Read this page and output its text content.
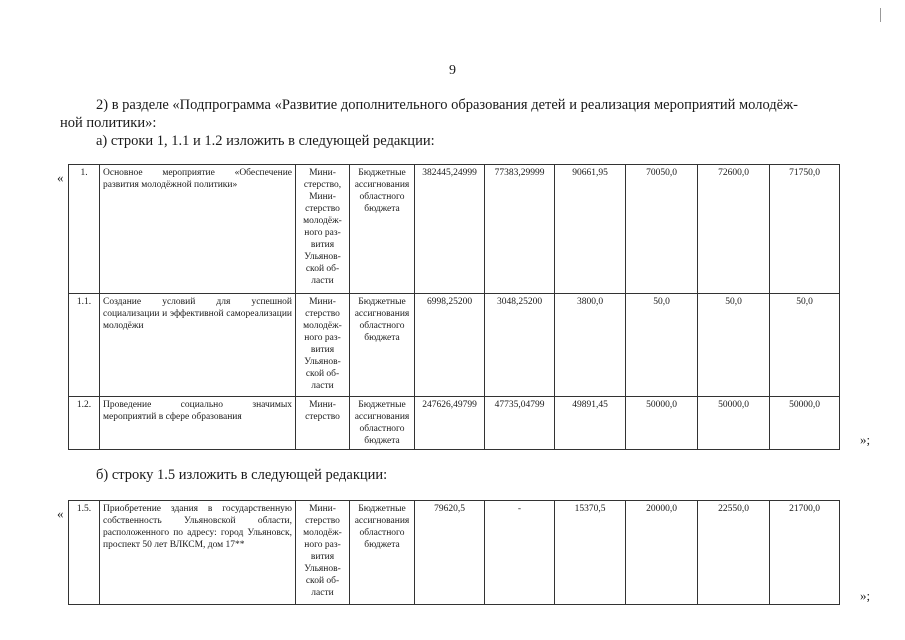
9

2) в разделе «Подпрограмма «Развитие дополнительного образования детей и реализация мероприятий молодёж-

ной политики»:

а) строки 1, 1.1 и 1.2 изложить в следующей редакции:

« 1.	Основное мероприятие «Обеспечение развития молодёжной политики»	Мини-стерство, Мини-стерство молодёж-ного раз-вития Ульянов-ской об-ласти	Бюджетные ассигнования областного бюджета	382445,24999	77383,29999	90661,95	70050,0	72600,0	71750,0
1.1.	Создание условий для успешной социализации и эффективной самореализации молодёжи	Мини-стерство молодёж-ного раз-вития Ульянов-ской об-ласти	Бюджетные ассигнования областного бюджета	6998,25200	3048,25200	3800,0	50,0	50,0	50,0
1.2.	Проведение социально значимых мероприятий в сфере образования	Мини-стерство	Бюджетные ассигнования областного бюджета	247626,49799	47735,04799	49891,45	50000,0	50000,0	50000,0
»;

б) строку 1.5 изложить в следующей редакции:

« 1.5.	Приобретение здания в государственную собственность Ульяновской области, расположенного по адресу: город Ульяновск, проспект 50 лет ВЛКСМ, дом 17**	Мини-стерство молодёж-ного раз-вития Ульянов-ской об-ласти	Бюджетные ассигнования областного бюджета	79620,5	-	15370,5	20000,0	22550,0	21700,0
»;
